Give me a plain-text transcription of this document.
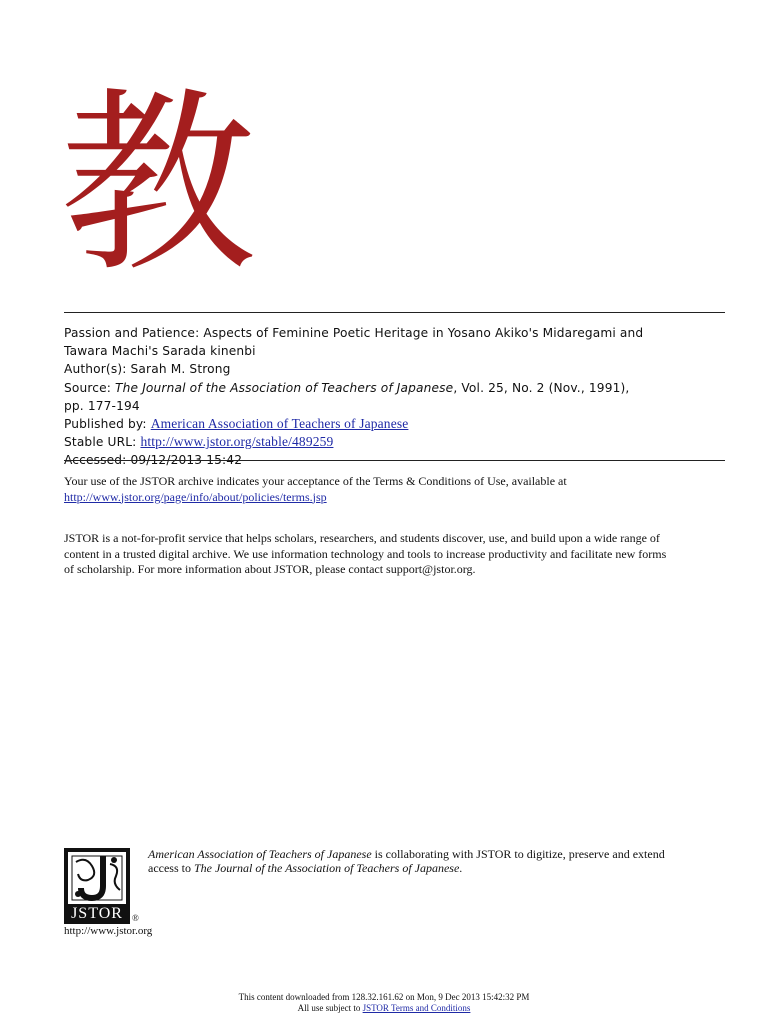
教
Passion and Patience: Aspects of Feminine Poetic Heritage in Yosano Akiko's Midaregami and
Tawara Machi's Sarada kinenbi
Author(s): Sarah M. Strong
Source: The Journal of the Association of Teachers of Japanese, Vol. 25, No. 2 (Nov., 1991),
pp. 177-194
Published by: American Association of Teachers of Japanese
Stable URL: http://www.jstor.org/stable/489259
Accessed: 09/12/2013 15:42
Your use of the JSTOR archive indicates your acceptance of the Terms & Conditions of Use, available at
http://www.jstor.org/page/info/about/policies/terms.jsp
JSTOR is a not-for-profit service that helps scholars, researchers, and students discover, use, and build upon a wide range of
content in a trusted digital archive. We use information technology and tools to increase productivity and facilitate new forms
of scholarship. For more information about JSTOR, please contact support@jstor.org.
JSTOR	®
http://www.jstor.org
American Association of Teachers of Japanese is collaborating with JSTOR to digitize, preserve and extend
access to The Journal of the Association of Teachers of Japanese.
This content downloaded from 128.32.161.62 on Mon, 9 Dec 2013 15:42:32 PM
All use subject to JSTOR Terms and Conditions
